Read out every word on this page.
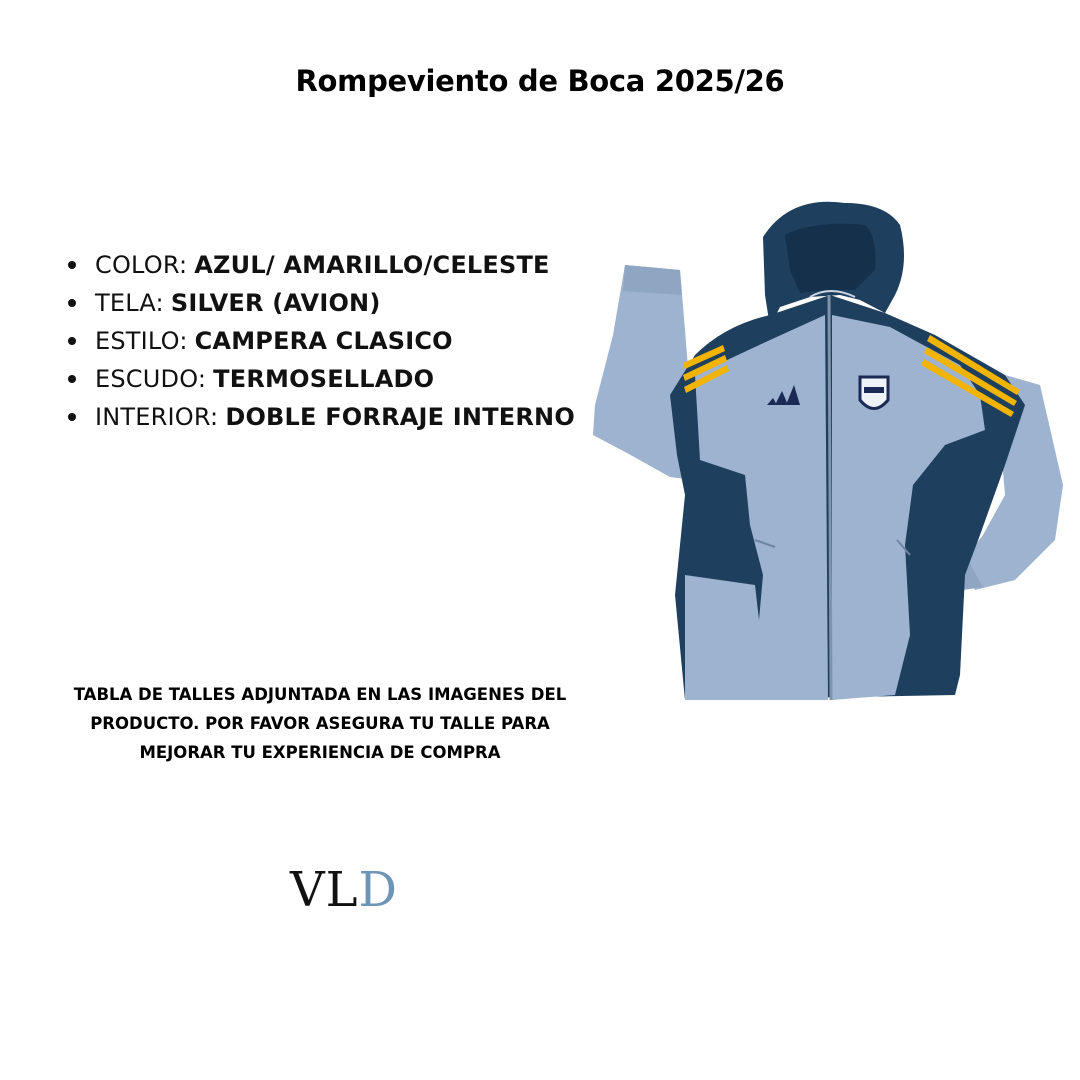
Rompeviento de Boca 2025/26
COLOR: AZUL/ AMARILLO/CELESTE
TELA: SILVER (AVION)
ESTILO: CAMPERA CLASICO
ESCUDO: TERMOSELLADO
INTERIOR: DOBLE FORRAJE INTERNO
TABLA DE TALLES ADJUNTADA EN LAS IMAGENES DEL
PRODUCTO. POR FAVOR ASEGURA TU TALLE PARA
MEJORAR TU EXPERIENCIA DE COMPRA
VLD
